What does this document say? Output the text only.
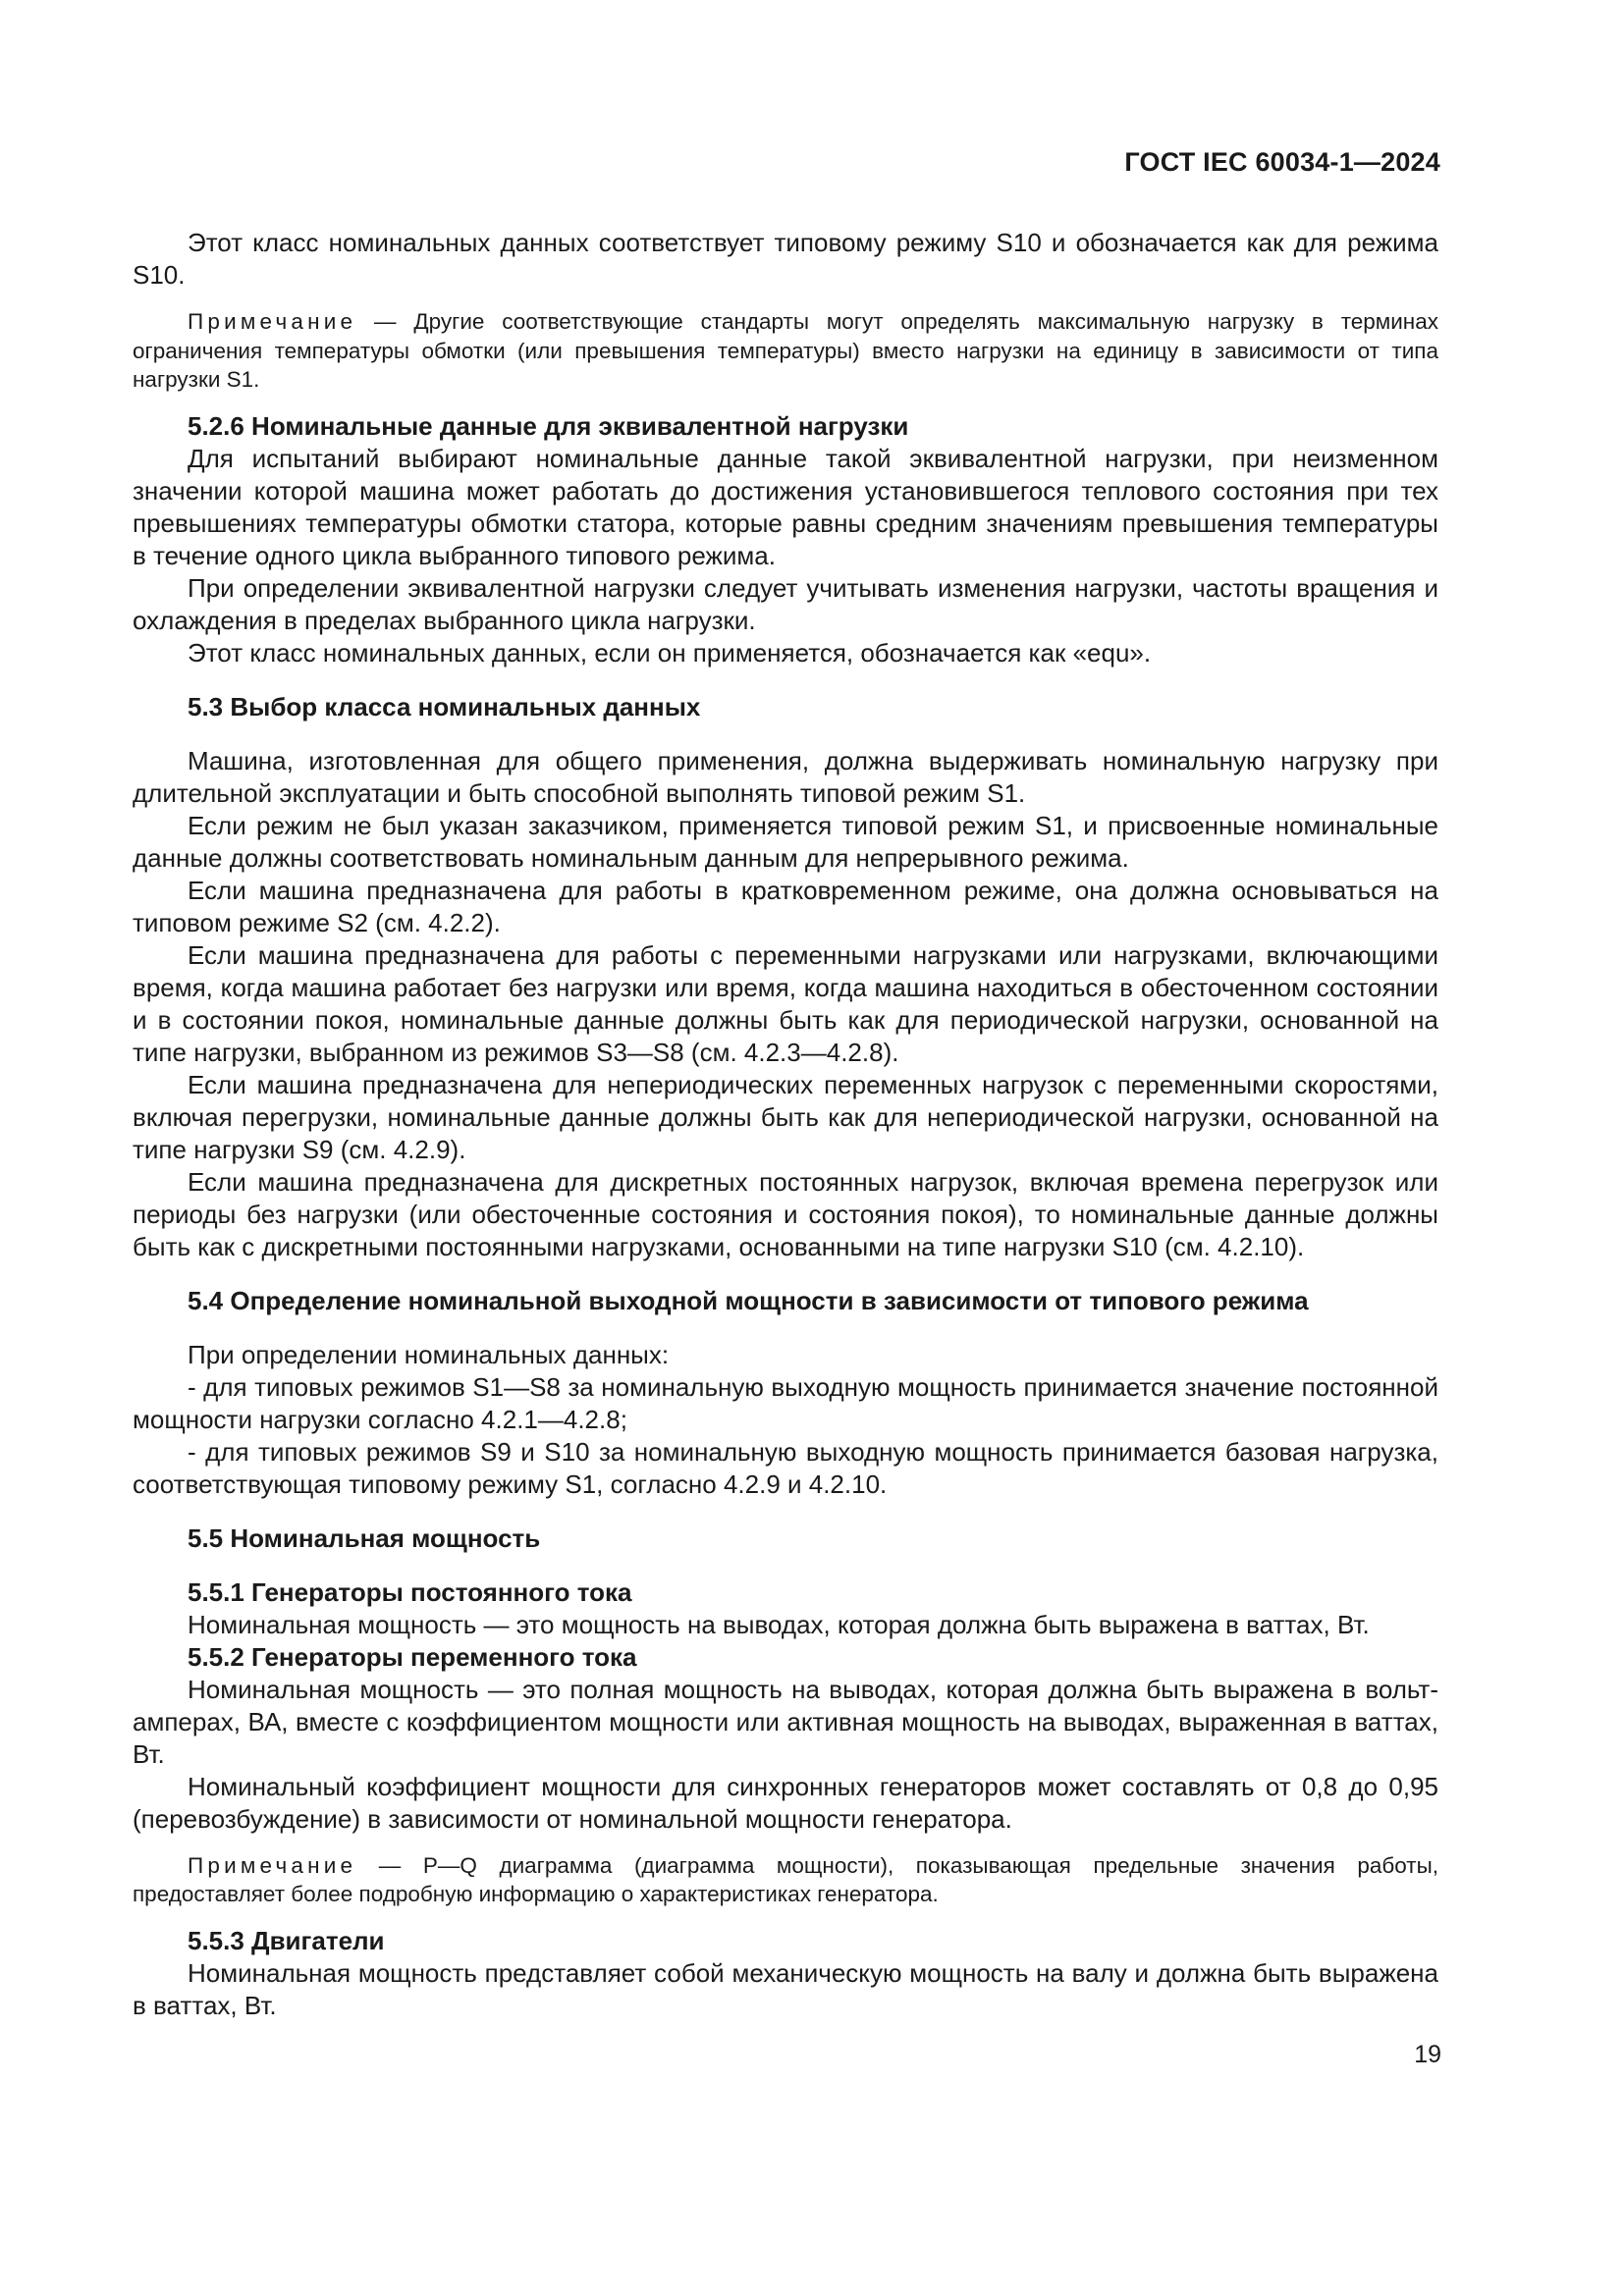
ГОСТ IEC 60034-1—2024

Этот класс номинальных данных соответствует типовому режиму S10 и обозначается как для режима S10.

Примечание — Другие соответствующие стандарты могут определять максимальную нагрузку в терминах ограничения температуры обмотки (или превышения температуры) вместо нагрузки на единицу в зависимости от типа нагрузки S1.

5.2.6 Номинальные данные для эквивалентной нагрузки

Для испытаний выбирают номинальные данные такой эквивалентной нагрузки, при неизменном значении которой машина может работать до достижения установившегося теплового состояния при тех превышениях температуры обмотки статора, которые равны средним значениям превышения температуры в течение одного цикла выбранного типового режима.

При определении эквивалентной нагрузки следует учитывать изменения нагрузки, частоты вращения и охлаждения в пределах выбранного цикла нагрузки.

Этот класс номинальных данных, если он применяется, обозначается как «equ».

5.3 Выбор класса номинальных данных

Машина, изготовленная для общего применения, должна выдерживать номинальную нагрузку при длительной эксплуатации и быть способной выполнять типовой режим S1.

Если режим не был указан заказчиком, применяется типовой режим S1, и присвоенные номинальные данные должны соответствовать номинальным данным для непрерывного режима.

Если машина предназначена для работы в кратковременном режиме, она должна основываться на типовом режиме S2 (см. 4.2.2).

Если машина предназначена для работы с переменными нагрузками или нагрузками, включающими время, когда машина работает без нагрузки или время, когда машина находиться в обесточенном состоянии и в состоянии покоя, номинальные данные должны быть как для периодической нагрузки, основанной на типе нагрузки, выбранном из режимов S3—S8 (см. 4.2.3—4.2.8).

Если машина предназначена для непериодических переменных нагрузок с переменными скоростями, включая перегрузки, номинальные данные должны быть как для непериодической нагрузки, основанной на типе нагрузки S9 (см. 4.2.9).

Если машина предназначена для дискретных постоянных нагрузок, включая времена перегрузок или периоды без нагрузки (или обесточенные состояния и состояния покоя), то номинальные данные должны быть как с дискретными постоянными нагрузками, основанными на типе нагрузки S10 (см. 4.2.10).

5.4 Определение номинальной выходной мощности в зависимости от типового режима

При определении номинальных данных:

- для типовых режимов S1—S8 за номинальную выходную мощность принимается значение постоянной мощности нагрузки согласно 4.2.1—4.2.8;

- для типовых режимов S9 и S10 за номинальную выходную мощность принимается базовая нагрузка, соответствующая типовому режиму S1, согласно 4.2.9 и 4.2.10.

5.5 Номинальная мощность

5.5.1 Генераторы постоянного тока

Номинальная мощность — это мощность на выводах, которая должна быть выражена в ваттах, Вт.

5.5.2 Генераторы переменного тока

Номинальная мощность — это полная мощность на выводах, которая должна быть выражена в вольт-амперах, ВА, вместе с коэффициентом мощности или активная мощность на выводах, выраженная в ваттах, Вт.

Номинальный коэффициент мощности для синхронных генераторов может составлять от 0,8 до 0,95 (перевозбуждение) в зависимости от номинальной мощности генератора.

Примечание — P—Q диаграмма (диаграмма мощности), показывающая предельные значения работы, предоставляет более подробную информацию о характеристиках генератора.

5.5.3 Двигатели

Номинальная мощность представляет собой механическую мощность на валу и должна быть выражена в ваттах, Вт.

19
